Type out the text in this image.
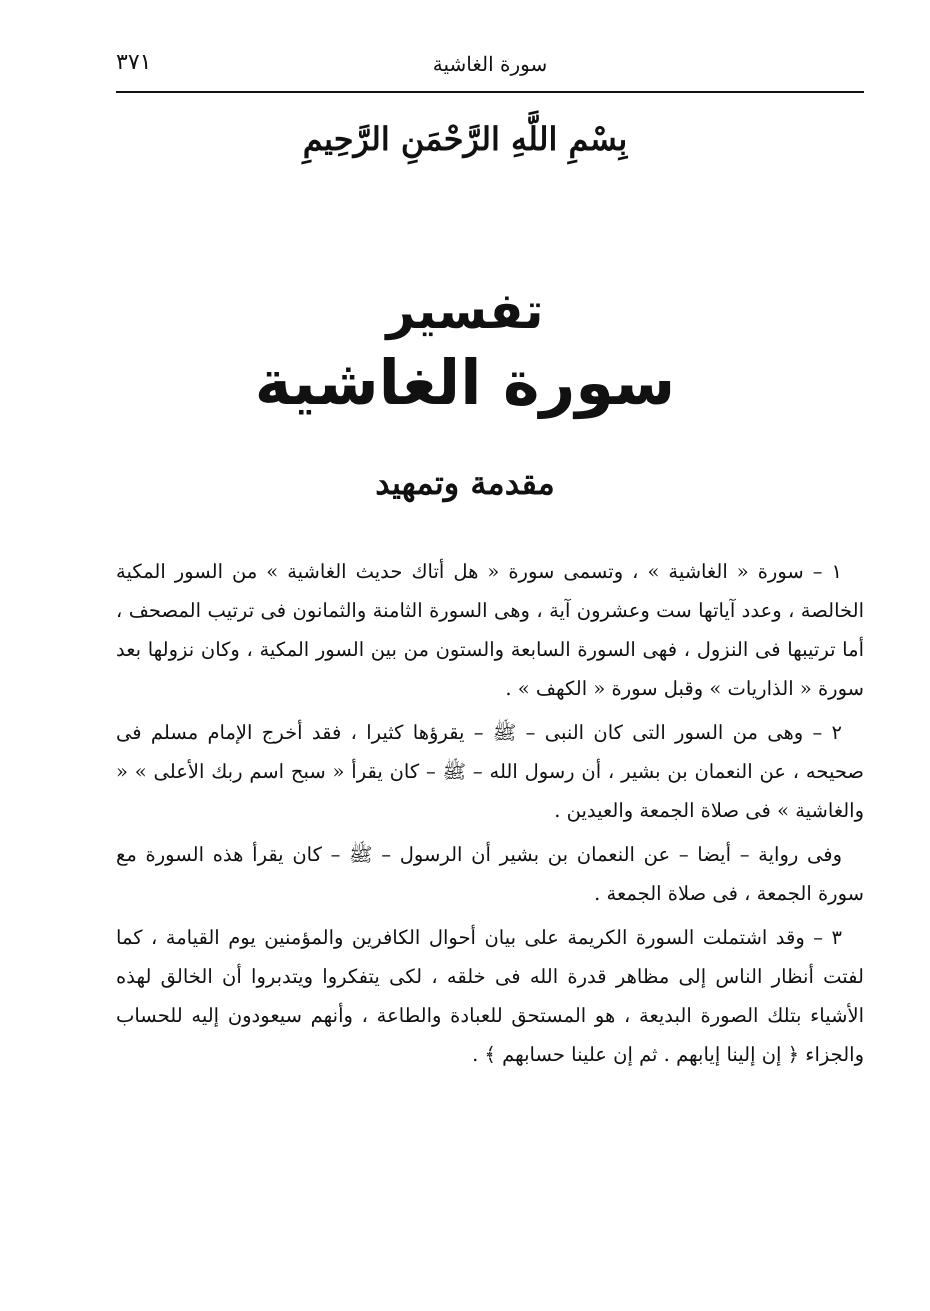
٣٧١	سورة الغاشية
بِسْمِ اللَّهِ الرَّحْمَنِ الرَّحِيمِ
تفسير
سورة الغاشية
مقدمة وتمهيد

١ – سورة « الغاشية » ، وتسمى سورة « هل أتاك حديث الغاشية » من السور المكية الخالصة ، وعدد آياتها ست وعشرون آية ، وهى السورة الثامنة والثمانون فى ترتيب المصحف ، أما ترتيبها فى النزول ، فهى السورة السابعة والستون من بين السور المكية ، وكان نزولها بعد سورة « الذاريات » وقبل سورة « الكهف » .

٢ – وهى من السور التى كان النبى – ﷺ – يقرؤها كثيرا ، فقد أخرج الإمام مسلم فى صحيحه ، عن النعمان بن بشير ، أن رسول الله – ﷺ – كان يقرأ « سبح اسم ربك الأعلى » « والغاشية » فى صلاة الجمعة والعيدين .

وفى رواية – أيضا – عن النعمان بن بشير أن الرسول – ﷺ – كان يقرأ هذه السورة مع سورة الجمعة ، فى صلاة الجمعة .

٣ – وقد اشتملت السورة الكريمة على بيان أحوال الكافرين والمؤمنين يوم القيامة ، كما لفتت أنظار الناس إلى مظاهر قدرة الله فى خلقه ، لكى يتفكروا ويتدبروا أن الخالق لهذه الأشياء بتلك الصورة البديعة ، هو المستحق للعبادة والطاعة ، وأنهم سيعودون إليه للحساب والجزاء ﴿ إن إلينا إيابهم . ثم إن علينا حسابهم ﴾ .
